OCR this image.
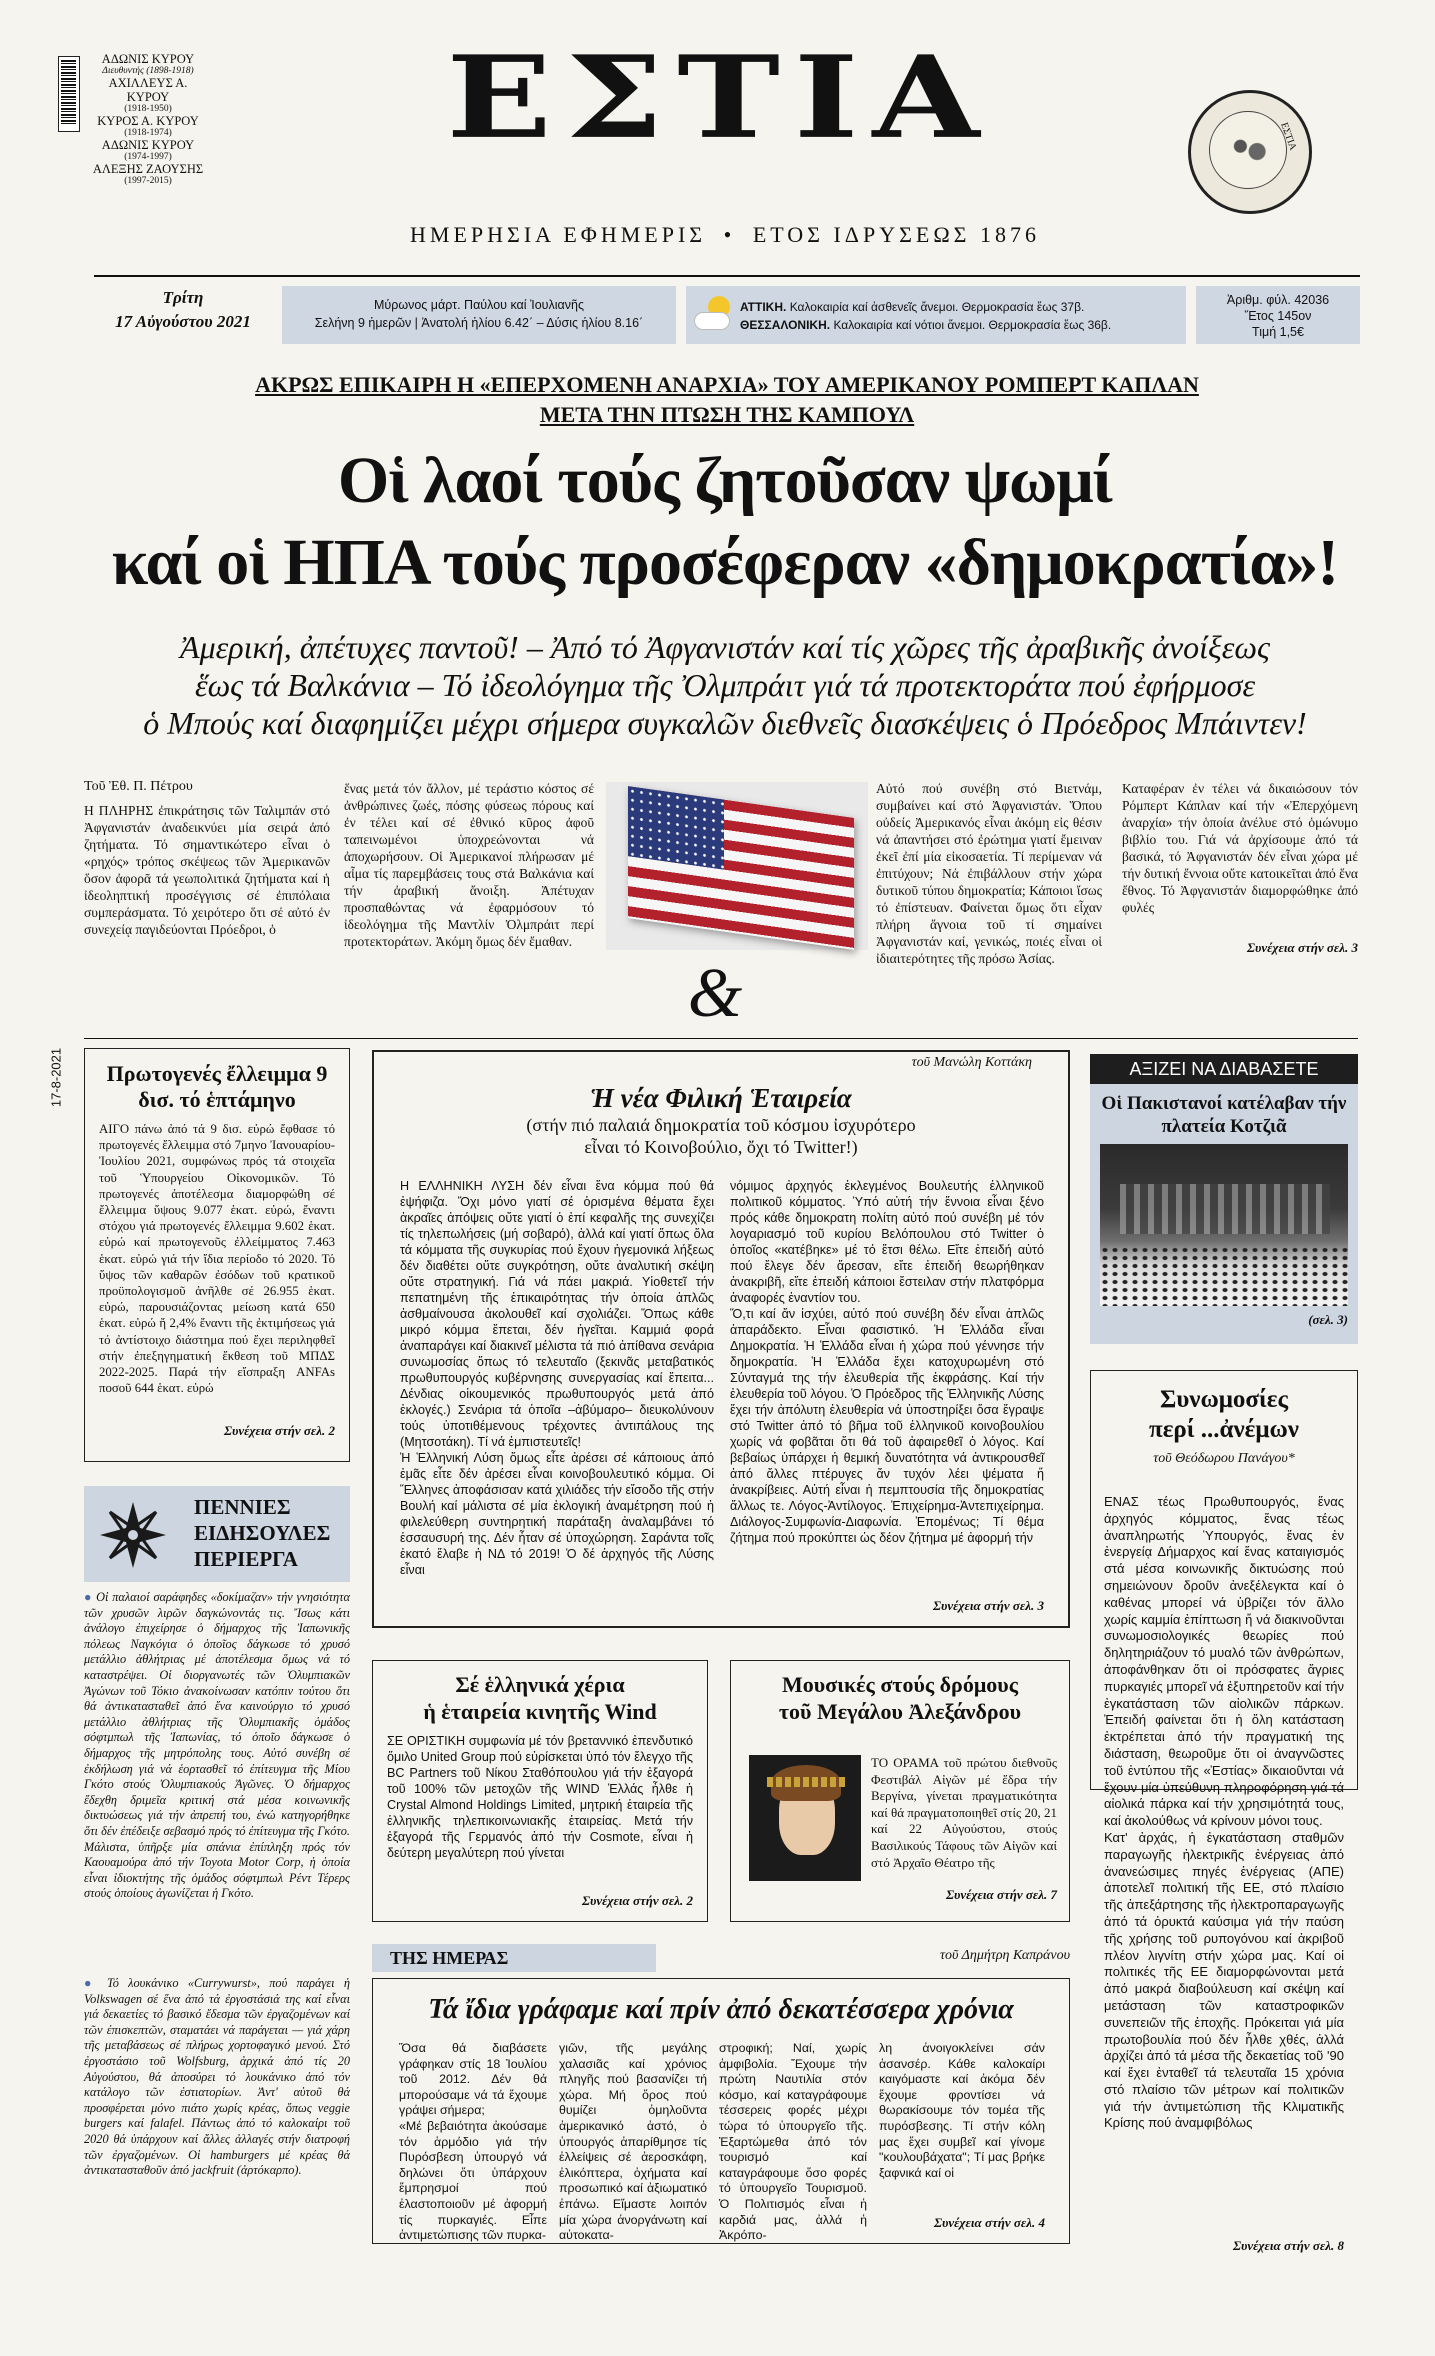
ΑΔΩΝΙΣ ΚΥΡΟΥ
Διευθυντής (1898-1918)
ΑΧΙΛΛΕΥΣ Α. ΚΥΡΟΥ
(1918-1950)
ΚΥΡΟΣ Α. ΚΥΡΟΥ
(1918-1974)
ΑΔΩΝΙΣ ΚΥΡΟΥ
(1974-1997)
ΑΛΕΞΗΣ ΖΑΟΥΣΗΣ
(1997-2015)
ΕΣΤΙΑ
ΗΜΕΡΗΣΙΑ ΕΦΗΜΕΡΙΣ • ΕΤΟΣ ΙΔΡΥΣΕΩΣ 1876
ΕΣΤΙΑ
Τρίτη
17 Αὐγούστου 2021
Μύρωνος μάρτ. Παύλου καί Ἰουλιανῆς
Σελήνη 9 ἡμερῶν | Ἀνατολή ἡλίου 6.42΄ – Δύσις ἡλίου 8.16΄
ΑΤΤΙΚΗ. Καλοκαιρία καί ἀσθενεῖς ἄνεμοι. Θερμοκρασία ἕως 37β.
ΘΕΣΣΑΛΟΝΙΚΗ. Καλοκαιρία καί νότιοι ἄνεμοι. Θερμοκρασία ἕως 36β.
Ἀριθμ. φύλ. 42036
Ἔτος 145ον
Τιμή 1,5€
ΑΚΡΩΣ ΕΠΙΚΑΙΡΗ Η «ΕΠΕΡΧΟΜΕΝΗ ΑΝΑΡΧΙΑ» ΤΟΥ ΑΜΕΡΙΚΑΝΟΥ ΡΟΜΠΕΡΤ ΚΑΠΛΑΝ
ΜΕΤΑ ΤΗΝ ΠΤΩΣΗ ΤΗΣ ΚΑΜΠΟΥΛ
Οἱ λαοί τούς ζητοῦσαν ψωμί
καί οἱ ΗΠΑ τούς προσέφεραν «δημοκρατία»!
Ἀμερική, ἀπέτυχες παντοῦ! – Ἀπό τό Ἀφγανιστάν καί τίς χῶρες τῆς ἀραβικῆς ἀνοίξεως
ἕως τά Βαλκάνια – Τό ἰδεολόγημα τῆς Ὀλμπράιτ γιά τά προτεκτοράτα πού ἐφήρμοσε
ὁ Μπούς καί διαφημίζει μέχρι σήμερα συγκαλῶν διεθνεῖς διασκέψεις ὁ Πρόεδρος Μπάιντεν!
Τοῦ Ἐθ. Π. Πέτρου
Η ΠΛΗΡΗΣ ἐπικράτησις τῶν Ταλιμπάν στό Ἀφγανιστάν ἀναδεικνύει μία σειρά ἀπό ζητήματα. Τό σημαντικώτερο εἶναι ὁ «ρηχός» τρόπος σκέψεως τῶν Ἀμερικανῶν ὅσον ἀφορᾶ τά γεωπολιτικά ζητήματα καί ἡ ἰδεοληπτική προσέγγισις σέ ἐπιπόλαια συμπεράσματα. Τό χειρότερο ὅτι σέ αὐτό ἐν συνεχείᾳ παγιδεύονται Πρόεδροι, ὁ
ἕνας μετά τόν ἄλλον, μέ τεράστιο κόστος σέ ἀνθρώπινες ζωές, πόσης φύσεως πόρους καί ἐν τέλει καί σέ ἐθνικό κῦρος ἀφοῦ ταπεινωμένοι ὑποχρεώνονται νά ἀποχωρήσουν. Οἱ Ἀμερικανοί πλήρωσαν μέ αἷμα τίς παρεμβάσεις τους στά Βαλκάνια καί τήν ἀραβική ἄνοιξη. Ἀπέτυχαν προσπαθώντας νά ἐφαρμόσουν τό ἰδεολόγημα τῆς Μαντλίν Ὀλμπράιτ περί προτεκτοράτων. Ἀκόμη ὅμως δέν ἔμαθαν.
Αὐτό πού συνέβη στό Βιετνάμ, συμβαίνει καί στό Ἀφγανιστάν. Ὅπου οὐδείς Ἀμερικανός εἶναι ἀκόμη εἰς θέσιν νά ἀπαντήσει στό ἐρώτημα γιατί ἔμειναν ἐκεῖ ἐπί μία εἰκοσαετία. Τί περίμεναν νά ἐπιτύχουν; Νά ἐπιβάλλουν στήν χώρα δυτικοῦ τύπου δημοκρατία; Κάποιοι ἴσως τό ἐπίστευαν. Φαίνεται ὅμως ὅτι εἶχαν πλήρη ἄγνοια τοῦ τί σημαίνει Ἀφγανιστάν καί, γενικώς, ποιές εἶναι οἱ ἰδιαιτερότητες τῆς πρόσω Ἀσίας.
Καταφέραν ἐν τέλει νά δικαιώσουν τόν Ρόμπερτ Κάπλαν καί τήν «Ἐπερχόμενη ἀναρχία» τήν ὁποία ἀνέλυε στό ὁμώνυμο βιβλίο του. Γιά νά ἀρχίσουμε ἀπό τά βασικά, τό Ἀφγανιστάν δέν εἶναι χώρα μέ τήν δυτική ἔννοια οὔτε κατοικεῖται ἀπό ἕνα ἔθνος. Τό Ἀφγανιστάν διαμορφώθηκε ἀπό φυλές
Συνέχεια στήν σελ. 3
&
17-8-2021	Πρωτογενές ἔλλειμμα 9 δισ. τό ἑπτάμηνο
ΑΙΓΟ πάνω ἀπό τά 9 δισ. εὐρώ ἔφθασε τό πρωτογενές ἔλλειμμα στό 7μηνο Ἰανουαρίου-Ἰουλίου 2021, συμφώνως πρός τά στοιχεῖα τοῦ Ὑπουργείου Οἰκονομικῶν. Τό πρωτογενές ἀποτέλεσμα διαμορφώθη σέ ἔλλειμμα ὕψους 9.077 ἑκατ. εὐρώ, ἔναντι στόχου γιά πρωτογενές ἔλλειμμα 9.602 ἑκατ. εὐρώ καί πρωτογενοῦς ἐλλείμματος 7.463 ἑκατ. εὐρώ γιά τήν ἴδια περίοδο τό 2020. Τό ὕψος τῶν καθαρῶν ἐσόδων τοῦ κρατικοῦ προϋπολογισμοῦ ἀνῆλθε σέ 26.955 ἑκατ. εὐρώ, παρουσιάζοντας μείωση κατά 650 ἑκατ. εὐρώ ἤ 2,4% ἔναντι τῆς ἐκτιμήσεως γιά τό ἀντίστοιχο διάστημα πού ἔχει περιληφθεῖ στήν ἐπεξηγηματική ἔκθεση τοῦ ΜΠΔΣ 2022-2025. Παρά τήν εἴσπραξη ANFAs ποσοῦ 644 ἑκατ. εὐρώ
Συνέχεια στήν σελ. 2
ΠΕΝΝΙΕΣ
ΕΙΔΗΣΟΥΛΕΣ
ΠΕΡΙΕΡΓΑ
● Οἱ παλαιοί σαράφηδες «δοκίμαζαν» τήν γνησιότητα τῶν χρυσῶν λιρῶν δαγκώνοντάς τις. Ἴσως κάτι ἀνάλογο ἐπιχείρησε ὁ δήμαρχος τῆς Ἰαπωνικῆς πόλεως Ναγκόγια ὁ ὁποῖος δάγκωσε τό χρυσό μετάλλιο ἀθλήτριας μέ ἀποτέλεσμα ὅμως νά τό καταστρέψει. Οἱ διοργανωτές τῶν Ὀλυμπιακῶν Ἀγώνων τοῦ Τόκιο ἀνακοίνωσαν κατόπιν τούτου ὅτι θά ἀντικατασταθεῖ ἀπό ἕνα καινούργιο τό χρυσό μετάλλιο ἀθλήτριας τῆς Ὀλυμπιακῆς ὁμάδος σόφτμπωλ τῆς Ἰαπωνίας, τό ὁποῖο δάγκωσε ὁ δήμαρχος τῆς μητρόπολης τους. Αὐτό συνέβη σέ ἐκδήλωση γιά νά ἑορτασθεῖ τό ἐπίτευγμα τῆς Μίου Γκότο στούς Ὀλυμπιακούς Ἀγῶνες. Ὁ δήμαρχος ἔδεχθη δριμεῖα κριτική στά μέσα κοινωνικῆς δικτυώσεως γιά τήν ἀπρεπή του, ἐνώ κατηγορήθηκε ὅτι δέν ἐπέδειξε σεβασμό πρός τό ἐπίτευγμα τῆς Γκότο. Μάλιστα, ὑπῆρξε μία σπάνια ἐπίπληξη πρός τόν Καουαμούρα ἀπό τήν Toyota Motor Corp, ἡ ὁποία εἶναι ἰδιοκτήτης τῆς ὁμάδος σόφτμπωλ Ρέντ Τέρερς στούς ὁποίους ἀγωνίζεται ἡ Γκότο.
● Τό λουκάνικο «Currywurst», πού παράγει ἡ Volkswagen σέ ἕνα ἀπό τά ἐργοστάσιά της καί εἶναι γιά δεκαετίες τό βασικό ἔδεσμα τῶν ἐργαζομένων καί τῶν ἐπισκεπτῶν, σταματάει νά παράγεται — γιά χάρη τῆς μεταβάσεως σέ πλήρως χορτοφαγικό μενού. Στό ἐργοστάσιο τοῦ Wolfsburg, ἀρχικά ἀπό τίς 20 Αὐγούστου, θά ἀποσύρει τό λουκάνικο ἀπό τόν κατάλογο τῶν ἐστιατορίων. Ἀντ' αὐτοῦ θά προσφέρεται μόνο πιάτο χωρίς κρέας, ὅπως veggie burgers καί falafel. Πάντως ἀπό τό καλοκαίρι τοῦ 2020 θά ὑπάρχουν καί ἄλλες ἀλλαγές στήν διατροφή τῶν ἐργαζομένων. Οἱ hamburgers μέ κρέας θά ἀντικατασταθοῦν ἀπό jackfruit (ἀρτόκαρπο).
τοῦ Μανώλη Κοττάκη
Ἡ νέα Φιλική Ἑταιρεία
(στήν πιό παλαιά δημοκρατία τοῦ κόσμου ἰσχυρότερο
εἶναι τό Κοινοβούλιο, ὄχι τό Twitter!)
Η ΕΛΛΗΝΙΚΗ ΛΥΣΗ δέν εἶναι ἕνα κόμμα πού θά ἐψήφιζα. Ὄχι μόνο γιατί σέ ὁρισμένα θέματα ἔχει ἀκραῖες ἀπόψεις οὔτε γιατί ὁ ἐπί κεφαλῆς της συνεχίζει τίς τηλεπωλήσεις (μή σοβαρό), ἀλλά καί γιατί ὅπως ὅλα τά κόμματα τῆς συγκυρίας πού ἔχουν ἡγεμονικά λήξεως δέν διαθέτει οὔτε συγκρότηση, οὔτε ἀναλυτική σκέψη οὔτε στρατηγική. Γιά νά πάει μακριά. Υἱοθετεῖ τήν πεπατημένη τῆς ἐπικαιρότητας τήν ὁποία ἀπλῶς ἀσθμαίνουσα ἀκολουθεῖ καί σχολιάζει. Ὅπως κάθε μικρό κόμμα ἕπεται, δέν ἡγεῖται. Καμμιά φορά ἀναπαράγει καί διακινεῖ μέλιστα τά πιό ἀπίθανα σενάρια συνωμοσίας ὅπως τό τελευταῖο (ξεκινᾶς μεταβατικός πρωθυπουργός κυβέρνησης συνεργασίας καί ἔπειτα... Δένδιας οἰκουμενικός πρωθυπουργός μετά ἀπό ἐκλογές.) Σενάρια τά ὁποῖα –ἀβύμαρο– διευκολύνουν τούς ὑποτιθέμενους τρέχοντες ἀντιπάλους της (Μητσοτάκη). Τί νά ἐμπιστευτεῖς!
Ἡ Ἑλληνική Λύση ὅμως εἶτε ἀρέσει σέ κάποιους ἀπό ἐμᾶς εἶτε δέν ἀρέσει εἶναι κοινοβουλευτικό κόμμα. Οἱ Ἕλληνες ἀποφάσισαν κατά χιλιάδες τήν εἴσοδο τῆς στήν Βουλή καί μάλιστα σέ μία ἐκλογική ἀναμέτρηση πού ἡ φιλελεύθερη συντηρητική παράταξη ἀναλαμβάνει τό ἑσσαυσυρή της. Δέν ἦταν σέ ὑποχώρηση. Σαράντα τοῖς ἑκατό ἔλαβε ἡ ΝΔ τό 2019! Ὁ δέ ἀρχηγός τῆς Λύσης εἶναι
νόμιμος ἀρχηγός ἐκλεγμένος Βουλευτής ἑλληνικοῦ πολιτικοῦ κόμματος. Ὑπό αὐτή τήν ἔννοια εἶναι ξένο πρός κάθε δημοκρατη πολίτη αὐτό πού συνέβη μέ τόν λογαριασμό τοῦ κυρίου Βελόπουλου στό Twitter ὁ ὁποῖος «κατέβηκε» μέ τό ἔτσι θέλω. Εἴτε ἐπειδή αὐτό πού ἔλεγε δέν ἄρεσαν, εἴτε ἐπειδή θεωρήθηκαν ἀνακριβῆ, εἴτε ἐπειδή κάποιοι ἔστειλαν στήν πλατφόρμα ἀναφορές ἐναντίον του.
Ὅ,τι καί ἄν ἰσχύει, αὐτό πού συνέβη δέν εἶναι ἁπλῶς ἀπαράδεκτο. Εἶναι φασιστικό. Ἡ Ἑλλάδα εἶναι Δημοκρατία. Ἡ Ἑλλάδα εἶναι ἡ χώρα πού γέννησε τήν δημοκρατία. Ἡ Ἑλλάδα ἔχει κατοχυρωμένη στό Σύνταγμά της τήν ἐλευθερία τῆς ἐκφράσης. Καί τήν ἐλευθερία τοῦ λόγου. Ὁ Πρόεδρος τῆς Ἑλληνικῆς Λύσης ἔχει τήν ἀπόλυτη ἐλευθερία νά ὑποστηρίξει ὅσα ἔγραψε στό Twitter ἀπό τό βῆμα τοῦ ἑλληνικοῦ κοινοβουλίου χωρίς νά φοβᾶται ὅτι θά τοῦ ἀφαιρεθεῖ ὁ λόγος. Καί βεβαίως ὑπάρχει ἡ θεμική δυνατότητα νά ἀντικρουσθεῖ ἀπό ἄλλες πτέρυγες ἄν τυχόν λέει ψέματα ἤ ἀνακρίβειες. Αὐτή εἶναι ἡ πεμπτουσία τῆς δημοκρατίας ἄλλως τε. Λόγος-Ἀντίλογος. Ἐπιχείρημα-Ἀντεπιχείρημα. Διάλογος-Συμφωνία-Διαφωνία. Ἐπομένως; Τί θέμα ζήτημα πού προκύπτει ὡς δέον ζήτημα μέ ἀφορμή τήν
Συνέχεια στήν σελ. 3
ΑΞΙΖΕΙ ΝΑ ΔΙΑΒΑΣΕΤΕ
Οἱ Πακιστανοί κατέλαβαν τήν πλατεία Κοτζιᾶ
(σελ. 3)
Συνωμοσίες
περί ...ἀνέμων
τοῦ Θεόδωρου Πανάγου*
ΕΝΑΣ τέως Πρωθυπουργός, ἕνας ἀρχηγός κόμματος, ἕνας τέως ἀναπληρωτής Ὑπουργός, ἕνας ἐν ἐνεργείᾳ Δήμαρχος καί ἕνας καταιγισμός στά μέσα κοινωνικῆς δικτυώσης πού σημειώνουν δροῦν ἀνεξέλεγκτα καί ὁ καθένας μπορεί νά ὑβρίζει τόν ἄλλο χωρίς καμμία ἐπίπτωση ἤ νά διακινοῦνται συνωμοσιολογικές θεωρίες πού δηλητηριάζουν τό μυαλό τῶν ἀνθρώπων, ἀποφάνθηκαν ὅτι οἱ πρόσφατες ἄγριες πυρκαγιές μπορεῖ νά ἐξυπηρετοῦν καί τήν ἐγκατάσταση τῶν αἰολικῶν πάρκων. Ἐπειδή φαίνεται ὅτι ἡ ὅλη κατάσταση ἐκτρέπεται ἀπό τήν πραγματική της διάσταση, θεωροῦμε ὅτι οἱ ἀναγνῶστες τοῦ ἐντύπου τῆς «Ἑστίας» δικαιοῦνται νά ἔχουν μία ὑπεύθυνη πληροφόρηση γιά τά αἰολικά πάρκα καί τήν χρησιμότητά τους, καί ἀκολούθως νά κρίνουν μόνοι τους.
Κατ' ἀρχάς, ἡ ἐγκατάσταση σταθμῶν παραγωγῆς ἠλεκτρικῆς ἐνέργειας ἀπό ἀνανεώσιμες πηγές ἐνέργειας (ΑΠΕ) ἀποτελεῖ πολιτική τῆς ΕΕ, στό πλαίσιο τῆς ἀπεξάρτησης τῆς ἠλεκτροπαραγωγῆς ἀπό τά ὀρυκτά καύσιμα γιά τήν παύση τῆς χρήσης τοῦ ρυπογόνου καί ἀκριβοῦ πλέον λιγνίτη στήν χώρα μας. Καί οἱ πολιτικές τῆς ΕΕ διαμορφώνονται μετά ἀπό μακρά διαβούλευση καί σκέψη καί μετάσταση τῶν καταστροφικῶν συνεπειῶν τῆς ἐποχῆς. Πρόκειται γιά μία πρωτοβουλία πού δέν ἦλθε χθές, ἀλλά ἀρχίζει ἀπό τά μέσα τῆς δεκαετίας τοῦ '90 καί ἔχει ἐνταθεῖ τά τελευταῖα 15 χρόνια στό πλαίσιο τῶν μέτρων καί πολιτικῶν γιά τήν ἀντιμετώπιση τῆς Κλιματικῆς Κρίσης πού ἀναμφιβόλως
Συνέχεια στήν σελ. 8
Σέ ἑλληνικά χέρια
ἡ ἑταιρεία κινητῆς Wind
ΣΕ ΟΡΙΣΤΙΚΗ συμφωνία μέ τόν βρεταννικό ἐπενδυτικό ὅμιλο United Group πού εὑρίσκεται ὑπό τόν ἔλεγχο τῆς BC Partners τοῦ Νίκου Σταθόπουλου γιά τήν ἐξαγορά τοῦ 100% τῶν μετοχῶν τῆς WIND Ἑλλάς ἦλθε ἡ Crystal Almond Holdings Limited, μητρική ἑταιρεία τῆς ἑλληνικῆς τηλεπικοινωνιακῆς ἑταιρείας. Μετά τήν ἐξαγορά τῆς Γερμανός ἀπό τήν Cosmote, εἶναι ἡ δεύτερη μεγαλύτερη πού γίνεται
Συνέχεια στήν σελ. 2
Μουσικές στούς δρόμους
τοῦ Μεγάλου Ἀλεξάνδρου
ΤΟ ΟΡΑΜΑ τοῦ πρώτου διεθνοῦς Φεστιβάλ Αἰγῶν μέ ἕδρα τήν Βεργίνα, γίνεται πραγματικότητα καί θά πραγματοποιηθεῖ στίς 20, 21 καί 22 Αὐγούστου, στούς Βασιλικούς Τάφους τῶν Αἰγῶν καί στό Ἀρχαῖο Θέατρο τῆς
Συνέχεια στήν σελ. 7
ΤΗΣ ΗΜΕΡΑΣ	τοῦ Δημήτρη Καπράνου
Τά ἴδια γράφαμε καί πρίν ἀπό δεκατέσσερα χρόνια
Ὅσα θά διαβάσετε γράφηκαν στίς 18 Ἰουλίου τοῦ 2012. Δέν θά μπορούσαμε νά τά ἔχουμε γράψει σήμερα;
«Μέ βεβαιότητα ἀκούσαμε τόν ἁρμόδιο γιά τήν Πυρόσβεση ὑπουργό νά δηλώνει ὅτι ὑπάρχουν ἔμπρησμοί πού ἐλαστοποιοῦν μέ ἀφορμή τίς πυρκαγιές. Εἶπε ἀντιμετώπισης τῶν πυρκα-
γιῶν, τῆς μεγάλης χαλασιᾶς καί χρόνιος πληγῆς πού βασανίζει τή χώρα. Μή ὅρος πού θυμίζει ὁμηλοῦντα ἀμερικανικό ἀστό, ὁ ὑπουργός ἀπαρίθμησε τίς ἐλλείψεις σέ ἀεροσκάφη, ἐλικόπτερα, ὀχήματα καί προσωπικό καί ἀξιωματικό ἐπάνω. Εἴμαστε λοιπόν μία χώρα ἀνοργάνωτη καί αὐτοκατα-
στροφική; Ναί, χωρίς ἀμφιβολία. Ἔχουμε τήν πρώτη Ναυτιλία στόν κόσμο, καί καταγράφουμε τέσσερεις φορές μέχρι τώρα τό ὑπουργεῖο τῆς. Ἐξαρτώμεθα ἀπό τόν τουρισμό καί καταγράφουμε ὅσο φορές τό ὑπουργεῖο Τουρισμοῦ. Ὁ Πολιτισμός εἶναι ἡ καρδιά μας, ἀλλά ἡ Ἀκρόπο-
λη ἀνοιγοκλείνει σάν ἀσανσέρ. Κάθε καλοκαίρι καιγόμαστε καί ἀκόμα δέν ἔχουμε φροντίσει νά θωρακίσουμε τόν τομέα τῆς πυρόσβεσης. Τί στήν κόλη μας ἔχει συμβεῖ καί γίνομε "κουλουβάχατα"; Τί μας βρήκε ξαφνικά καί οἱ
Συνέχεια στήν σελ. 4
